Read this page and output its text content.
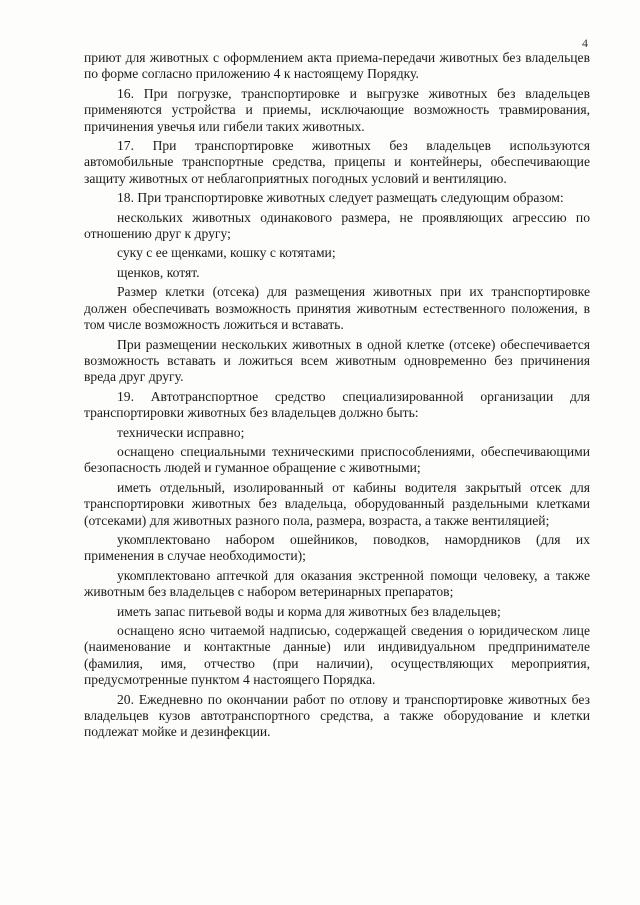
4

приют для животных с оформлением акта приема-передачи животных без владельцев по форме согласно приложению 4 к настоящему Порядку.

16. При погрузке, транспортировке и выгрузке животных без владельцев применяются устройства и приемы, исключающие возможность травмирования, причинения увечья или гибели таких животных.

17. При транспортировке животных без владельцев используются автомобильные транспортные средства, прицепы и контейнеры, обеспечивающие защиту животных от неблагоприятных погодных условий и вентиляцию.

18. При транспортировке животных следует размещать следующим образом:

нескольких животных одинакового размера, не проявляющих агрессию по отношению друг к другу;

суку с ее щенками, кошку с котятами;

щенков, котят.

Размер клетки (отсека) для размещения животных при их транспортировке должен обеспечивать возможность принятия животным естественного положения, в том числе возможность ложиться и вставать.

При размещении нескольких животных в одной клетке (отсеке) обеспечивается возможность вставать и ложиться всем животным одновременно без причинения вреда друг другу.

19. Автотранспортное средство специализированной организации для транспортировки животных без владельцев должно быть:

технически исправно;

оснащено специальными техническими приспособлениями, обеспечивающими безопасность людей и гуманное обращение с животными;

иметь отдельный, изолированный от кабины водителя закрытый отсек для транспортировки животных без владельца, оборудованный раздельными клетками (отсеками) для животных разного пола, размера, возраста, а также вентиляцией;

укомплектовано набором ошейников, поводков, намордников (для их применения в случае необходимости);

укомплектовано аптечкой для оказания экстренной помощи человеку, а также животным без владельцев с набором ветеринарных препаратов;

иметь запас питьевой воды и корма для животных без владельцев;

оснащено ясно читаемой надписью, содержащей сведения о юридическом лице (наименование и контактные данные) или индивидуальном предпринимателе (фамилия, имя, отчество (при наличии), осуществляющих мероприятия, предусмотренные пунктом 4 настоящего Порядка.

20. Ежедневно по окончании работ по отлову и транспортировке животных без владельцев кузов автотранспортного средства, а также оборудование и клетки подлежат мойке и дезинфекции.
